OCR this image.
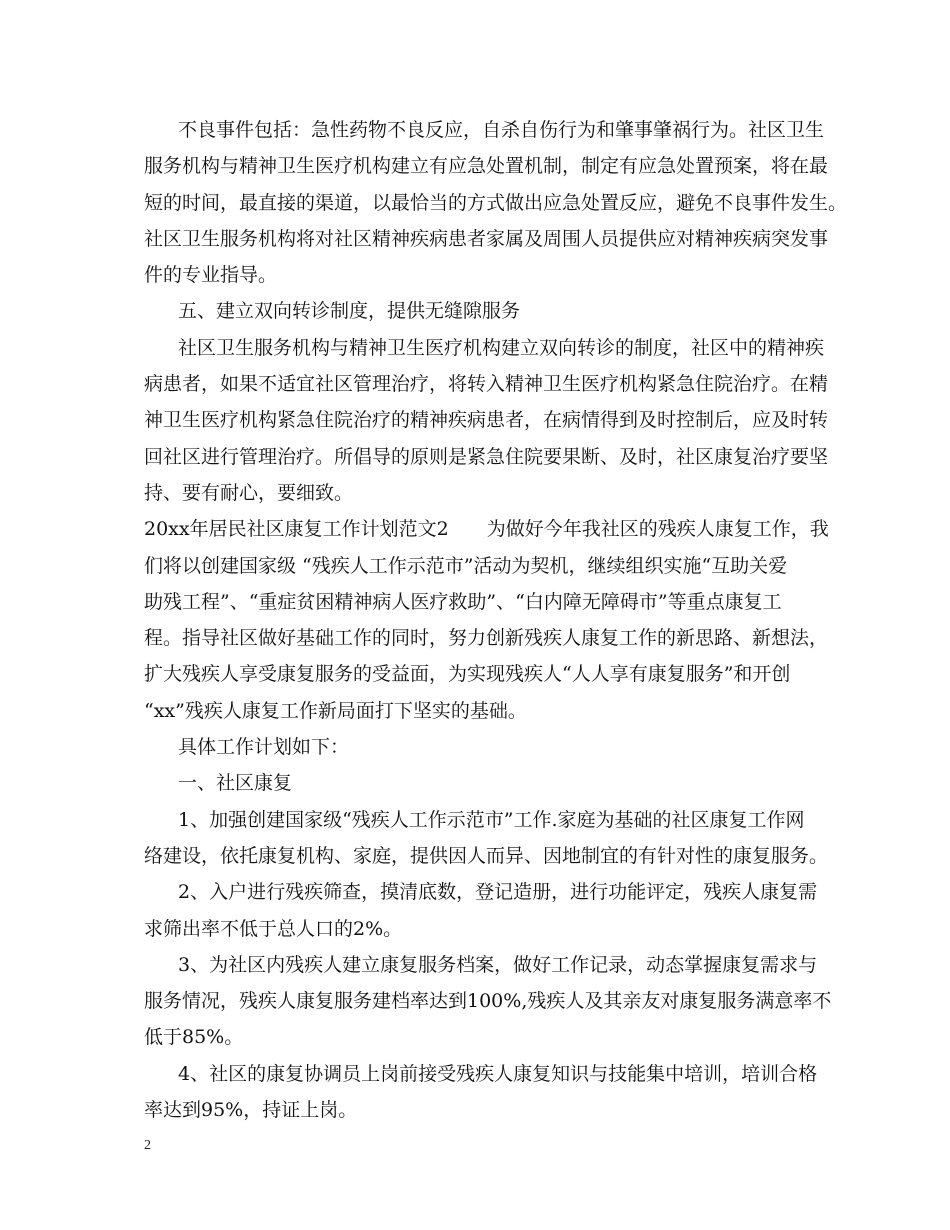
不良事件包括：急性药物不良反应，自杀自伤行为和肇事肇祸行为。社区卫生
服务机构与精神卫生医疗机构建立有应急处置机制，制定有应急处置预案，将在最
短的时间，最直接的渠道，以最恰当的方式做出应急处置反应，避免不良事件发生。
社区卫生服务机构将对社区精神疾病患者家属及周围人员提供应对精神疾病突发事
件的专业指导。
五、建立双向转诊制度，提供无缝隙服务
社区卫生服务机构与精神卫生医疗机构建立双向转诊的制度，社区中的精神疾
病患者，如果不适宜社区管理治疗，将转入精神卫生医疗机构紧急住院治疗。在精
神卫生医疗机构紧急住院治疗的精神疾病患者，在病情得到及时控制后，应及时转
回社区进行管理治疗。所倡导的原则是紧急住院要果断、及时，社区康复治疗要坚
持、要有耐心，要细致。
20xx年居民社区康复工作计划范文2　　为做好今年我社区的残疾人康复工作，我
们将以创建国家级 “残疾人工作示范市”活动为契机，继续组织实施“互助关爱
助残工程”、“重症贫困精神病人医疗救助”、“白内障无障碍市”等重点康复工
程。指导社区做好基础工作的同时，努力创新残疾人康复工作的新思路、新想法，
扩大残疾人享受康复服务的受益面，为实现残疾人“人人享有康复服务”和开创
“xx”残疾人康复工作新局面打下坚实的基础。
具体工作计划如下：
一、社区康复
1、加强创建国家级“残疾人工作示范市”工作.家庭为基础的社区康复工作网
络建设，依托康复机构、家庭，提供因人而异、因地制宜的有针对性的康复服务。
2、入户进行残疾筛查，摸清底数，登记造册，进行功能评定，残疾人康复需
求筛出率不低于总人口的2%。
3、为社区内残疾人建立康复服务档案，做好工作记录，动态掌握康复需求与
服务情况，残疾人康复服务建档率达到100%,残疾人及其亲友对康复服务满意率不
低于85%。
4、社区的康复协调员上岗前接受残疾人康复知识与技能集中培训，培训合格
率达到95%，持证上岗。
2
